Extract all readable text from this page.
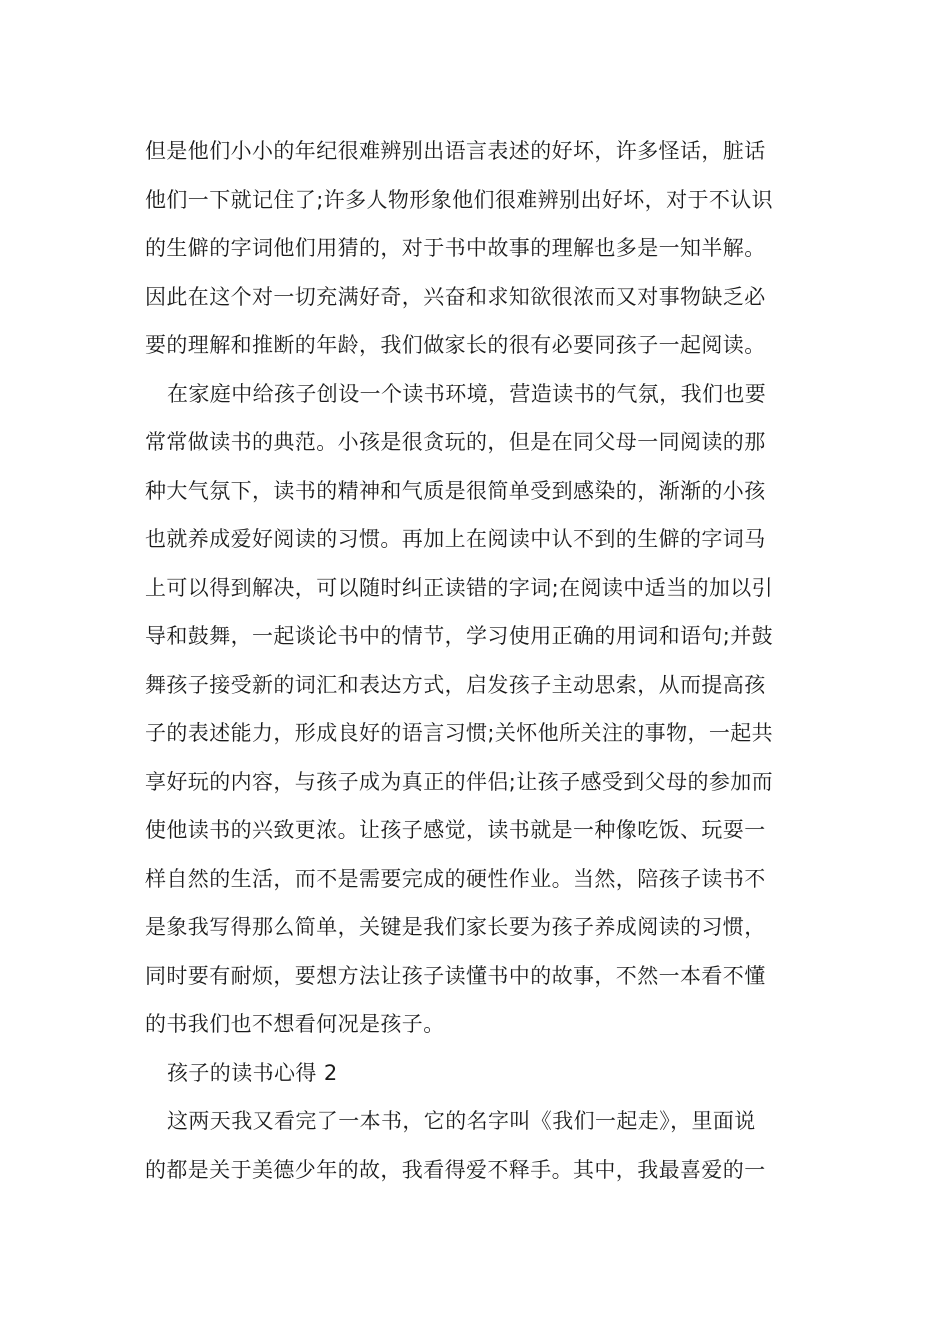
但是他们小小的年纪很难辨别出语言表述的好坏，许多怪话，脏话
他们一下就记住了;许多人物形象他们很难辨别出好坏，对于不认识
的生僻的字词他们用猜的，对于书中故事的理解也多是一知半解。
因此在这个对一切充满好奇，兴奋和求知欲很浓而又对事物缺乏必
要的理解和推断的年龄，我们做家长的很有必要同孩子一起阅读。
在家庭中给孩子创设一个读书环境，营造读书的气氛，我们也要
常常做读书的典范。小孩是很贪玩的，但是在同父母一同阅读的那
种大气氛下，读书的精神和气质是很简单受到感染的，渐渐的小孩
也就养成爱好阅读的习惯。再加上在阅读中认不到的生僻的字词马
上可以得到解决，可以随时纠正读错的字词;在阅读中适当的加以引
导和鼓舞，一起谈论书中的情节，学习使用正确的用词和语句;并鼓
舞孩子接受新的词汇和表达方式，启发孩子主动思索，从而提高孩
子的表述能力，形成良好的语言习惯;关怀他所关注的事物，一起共
享好玩的内容，与孩子成为真正的伴侣;让孩子感受到父母的参加而
使他读书的兴致更浓。让孩子感觉，读书就是一种像吃饭、玩耍一
样自然的生活，而不是需要完成的硬性作业。当然，陪孩子读书不
是象我写得那么简单，关键是我们家长要为孩子养成阅读的习惯，
同时要有耐烦，要想方法让孩子读懂书中的故事，不然一本看不懂
的书我们也不想看何况是孩子。
孩子的读书心得 2
这两天我又看完了一本书，它的名字叫《我们一起走》，里面说
的都是关于美德少年的故，我看得爱不释手。其中，我最喜爱的一
